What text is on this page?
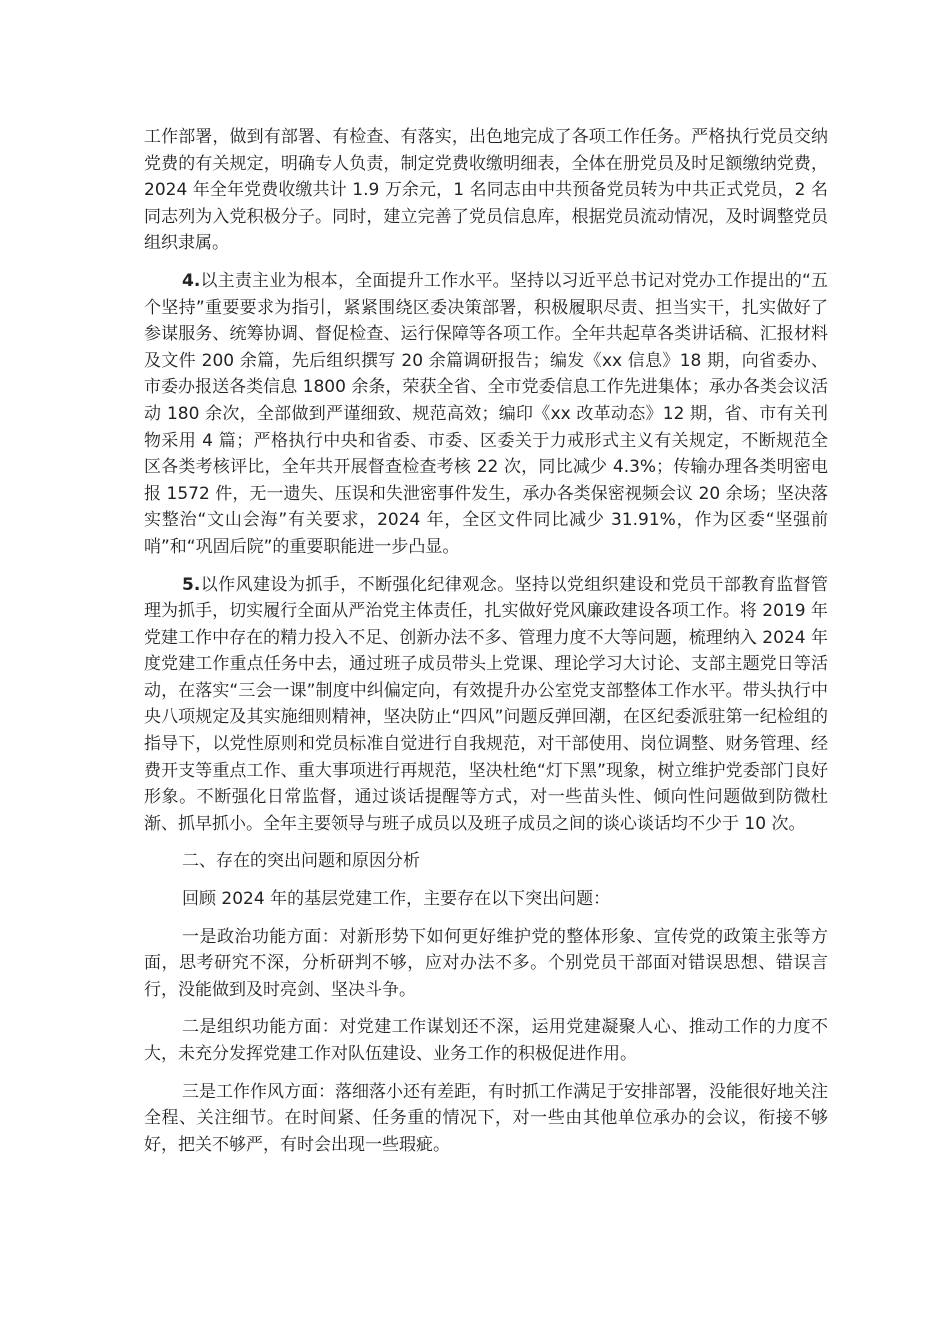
工作部署，做到有部署、有检查、有落实，出色地完成了各项工作任务。严格执行党员交纳党费的有关规定，明确专人负责，制定党费收缴明细表，全体在册党员及时足额缴纳党费，2024 年全年党费收缴共计 1.9 万余元，1 名同志由中共预备党员转为中共正式党员，2 名同志列为入党积极分子。同时，建立完善了党员信息库，根据党员流动情况，及时调整党员组织隶属。

4.以主责主业为根本，全面提升工作水平。坚持以习近平总书记对党办工作提出的“五个坚持”重要要求为指引，紧紧围绕区委决策部署，积极履职尽责、担当实干，扎实做好了参谋服务、统筹协调、督促检查、运行保障等各项工作。全年共起草各类讲话稿、汇报材料及文件 200 余篇，先后组织撰写 20 余篇调研报告；编发《xx 信息》18 期，向省委办、市委办报送各类信息 1800 余条，荣获全省、全市党委信息工作先进集体；承办各类会议活动 180 余次，全部做到严谨细致、规范高效；编印《xx 改革动态》12 期，省、市有关刊物采用 4 篇；严格执行中央和省委、市委、区委关于力戒形式主义有关规定，不断规范全区各类考核评比，全年共开展督查检查考核 22 次，同比减少 4.3%；传输办理各类明密电报 1572 件，无一遗失、压误和失泄密事件发生，承办各类保密视频会议 20 余场；坚决落实整治“文山会海”有关要求，2024 年，全区文件同比减少 31.91%，作为区委“坚强前哨”和“巩固后院”的重要职能进一步凸显。

5.以作风建设为抓手，不断强化纪律观念。坚持以党组织建设和党员干部教育监督管理为抓手，切实履行全面从严治党主体责任，扎实做好党风廉政建设各项工作。将 2019 年党建工作中存在的精力投入不足、创新办法不多、管理力度不大等问题，梳理纳入 2024 年度党建工作重点任务中去，通过班子成员带头上党课、理论学习大讨论、支部主题党日等活动，在落实“三会一课”制度中纠偏定向，有效提升办公室党支部整体工作水平。带头执行中央八项规定及其实施细则精神，坚决防止“四风”问题反弹回潮，在区纪委派驻第一纪检组的指导下，以党性原则和党员标准自觉进行自我规范，对干部使用、岗位调整、财务管理、经费开支等重点工作、重大事项进行再规范，坚决杜绝“灯下黑”现象，树立维护党委部门良好形象。不断强化日常监督，通过谈话提醒等方式，对一些苗头性、倾向性问题做到防微杜渐、抓早抓小。全年主要领导与班子成员以及班子成员之间的谈心谈话均不少于 10 次。

二、存在的突出问题和原因分析

回顾 2024 年的基层党建工作，主要存在以下突出问题：

一是政治功能方面：对新形势下如何更好维护党的整体形象、宣传党的政策主张等方面，思考研究不深，分析研判不够，应对办法不多。个别党员干部面对错误思想、错误言行，没能做到及时亮剑、坚决斗争。

二是组织功能方面：对党建工作谋划还不深，运用党建凝聚人心、推动工作的力度不大，未充分发挥党建工作对队伍建设、业务工作的积极促进作用。

三是工作作风方面：落细落小还有差距，有时抓工作满足于安排部署，没能很好地关注全程、关注细节。在时间紧、任务重的情况下，对一些由其他单位承办的会议，衔接不够好，把关不够严，有时会出现一些瑕疵。
